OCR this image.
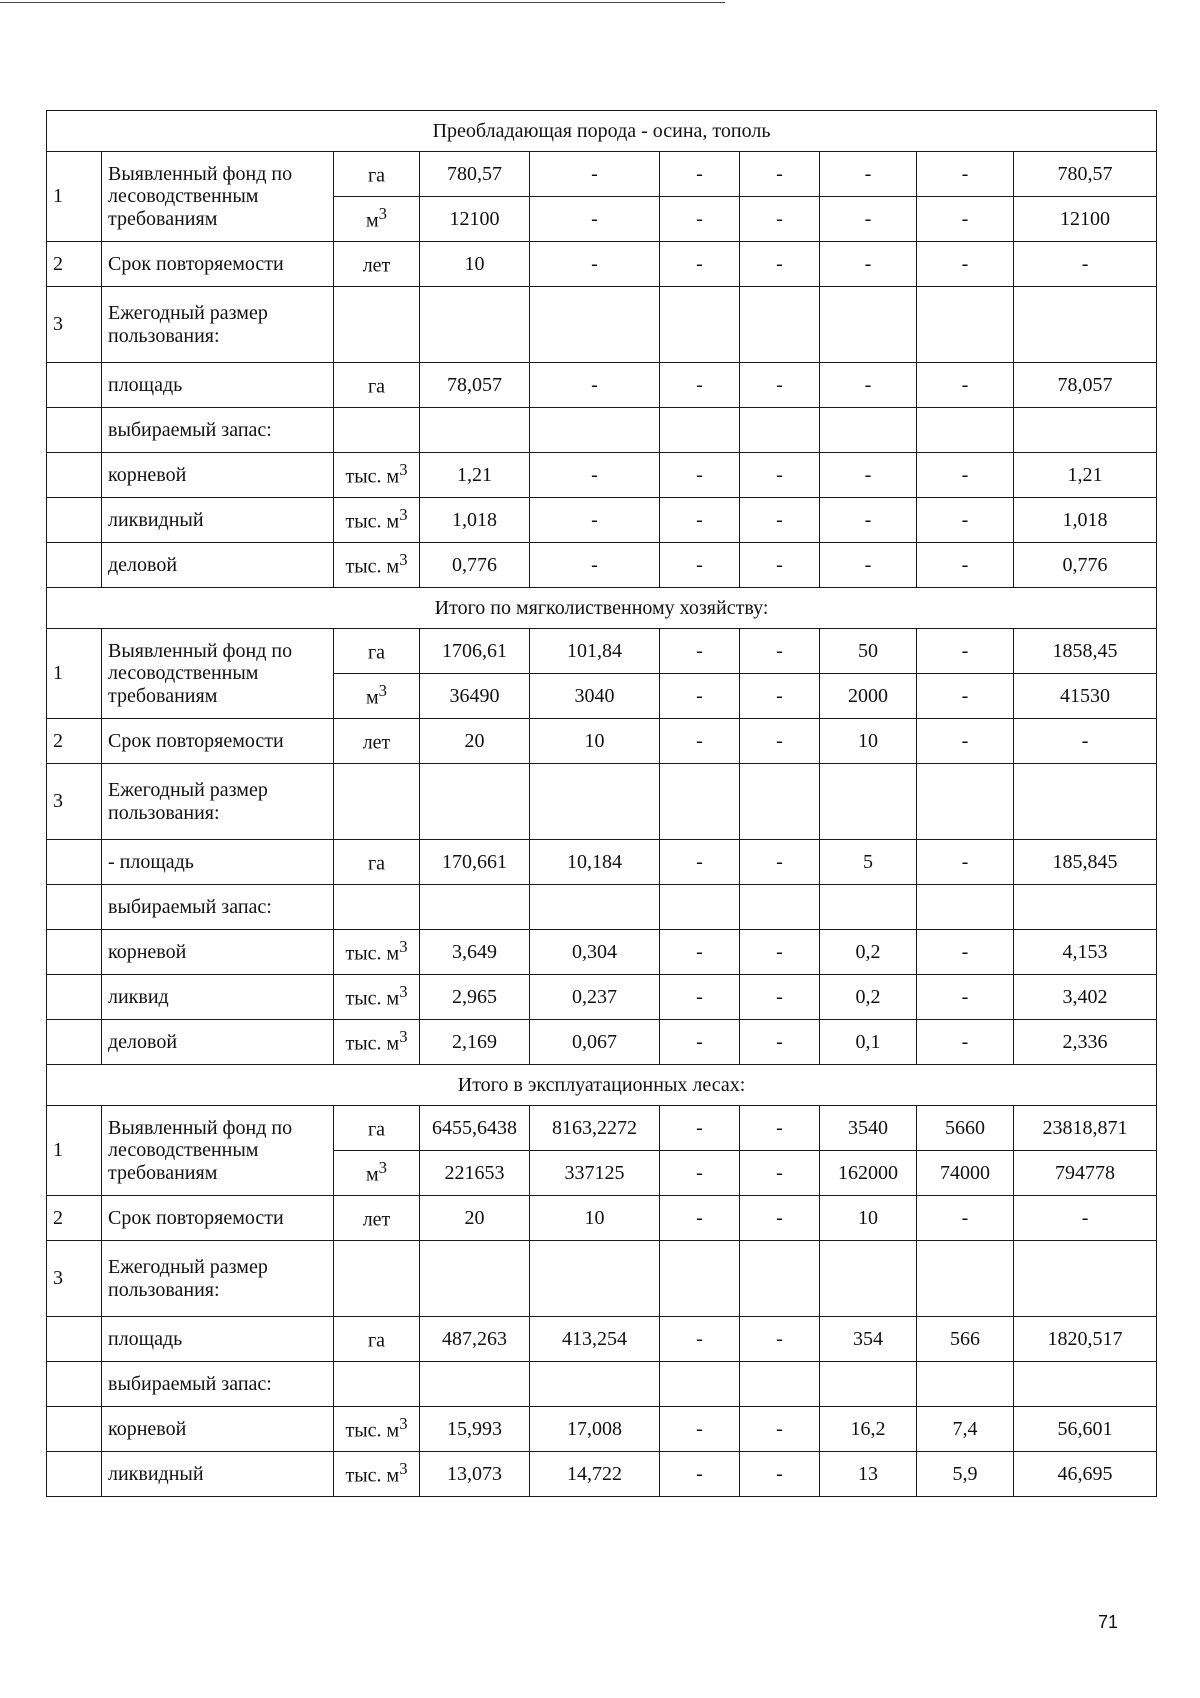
Преобладающая порода - осина, тополь									
1	Выявленный фонд по лесоводственным требованиям	га	780,57	-	-	-	-	-	780,57
		$м^3$	12100	-	-	-	-	-	12100
2	Срок повторяемости	лет	10	-	-	-	-	-	-
3	Ежегодный размер пользования:								
	площадь	га	78,057	-	-	-	-	-	78,057
	выбираемый запас:								
	корневой	тыс. $м^3$	1,21	-	-	-	-	-	1,21
	ликвидный	тыс. $м^3$	1,018	-	-	-	-	-	1,018
	деловой	тыс. $м^3$	0,776	-	-	-	-	-	0,776
Итого по мягколиственному хозяйству:									
1	Выявленный фонд по лесоводственным требованиям	га	1706,61	101,84	-	-	50	-	1858,45
		$м^3$	36490	3040	-	-	2000	-	41530
2	Срок повторяемости	лет	20	10	-	-	10	-	-
3	Ежегодный размер пользования:								
	- площадь	га	170,661	10,184	-	-	5	-	185,845
	выбираемый запас:								
	корневой	тыс. $м^3$	3,649	0,304	-	-	0,2	-	4,153
	ликвид	тыс. $м^3$	2,965	0,237	-	-	0,2	-	3,402
	деловой	тыс. $м^3$	2,169	0,067	-	-	0,1	-	2,336
Итого в эксплуатационных лесах:									
1	Выявленный фонд по лесоводственным требованиям	га	6455,6438	8163,2272	-	-	3540	5660	23818,871
		$м^3$	221653	337125	-	-	162000	74000	794778
2	Срок повторяемости	лет	20	10	-	-	10	-	-
3	Ежегодный размер пользования:								
	площадь	га	487,263	413,254	-	-	354	566	1820,517
	выбираемый запас:								
	корневой	тыс. $м^3$	15,993	17,008	-	-	16,2	7,4	56,601
	ликвидный	тыс. $м^3$	13,073	14,722	-	-	13	5,9	46,695
71
